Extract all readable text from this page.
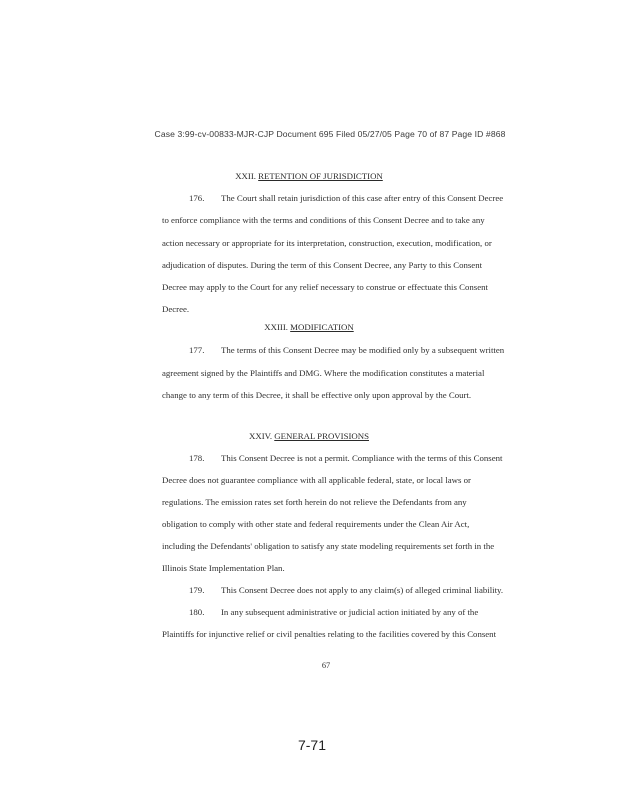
Case 3:99-cv-00833-MJR-CJP Document 695 Filed 05/27/05 Page 70 of 87 Page ID #868
XXII. RETENTION OF JURISDICTION
176. The Court shall retain jurisdiction of this case after entry of this Consent Decree
to enforce compliance with the terms and conditions of this Consent Decree and to take any
action necessary or appropriate for its interpretation, construction, execution, modification, or
adjudication of disputes. During the term of this Consent Decree, any Party to this Consent
Decree may apply to the Court for any relief necessary to construe or effectuate this Consent
Decree.
XXIII. MODIFICATION
177. The terms of this Consent Decree may be modified only by a subsequent written
agreement signed by the Plaintiffs and DMG. Where the modification constitutes a material
change to any term of this Decree, it shall be effective only upon approval by the Court.
XXIV. GENERAL PROVISIONS
178. This Consent Decree is not a permit. Compliance with the terms of this Consent
Decree does not guarantee compliance with all applicable federal, state, or local laws or
regulations. The emission rates set forth herein do not relieve the Defendants from any
obligation to comply with other state and federal requirements under the Clean Air Act,
including the Defendants' obligation to satisfy any state modeling requirements set forth in the
Illinois State Implementation Plan.
179. This Consent Decree does not apply to any claim(s) of alleged criminal liability.
180. In any subsequent administrative or judicial action initiated by any of the
Plaintiffs for injunctive relief or civil penalties relating to the facilities covered by this Consent
67
7-71
